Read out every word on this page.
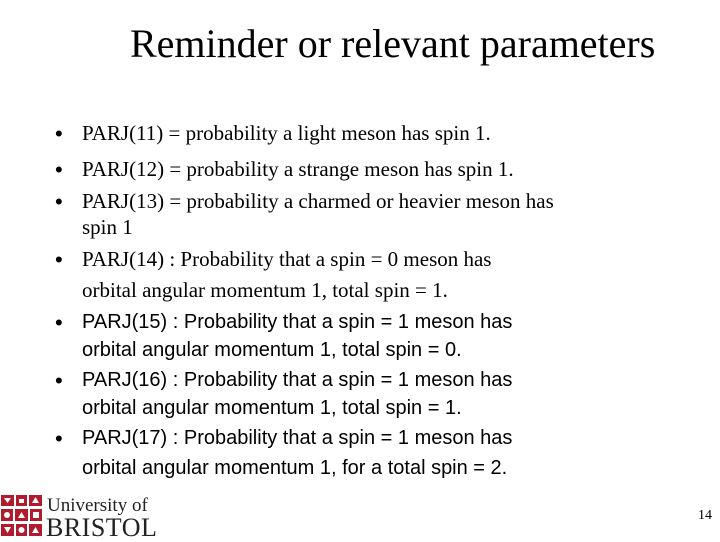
Reminder or relevant parameters
• PARJ(11) = probability a light meson has spin 1.
• PARJ(12) = probability a strange meson has spin 1.
• PARJ(13) = probability a charmed or heavier meson has
spin 1
• PARJ(14) : Probability that a spin = 0 meson has
orbital angular momentum 1, total spin = 1.
• PARJ(15) : Probability that a spin = 1 meson has
orbital angular momentum 1, total spin = 0.
• PARJ(16) : Probability that a spin = 1 meson has
orbital angular momentum 1, total spin = 1.
• PARJ(17) : Probability that a spin = 1 meson has
orbital angular momentum 1, for a total spin = 2.
University of
BRISTOL	14
